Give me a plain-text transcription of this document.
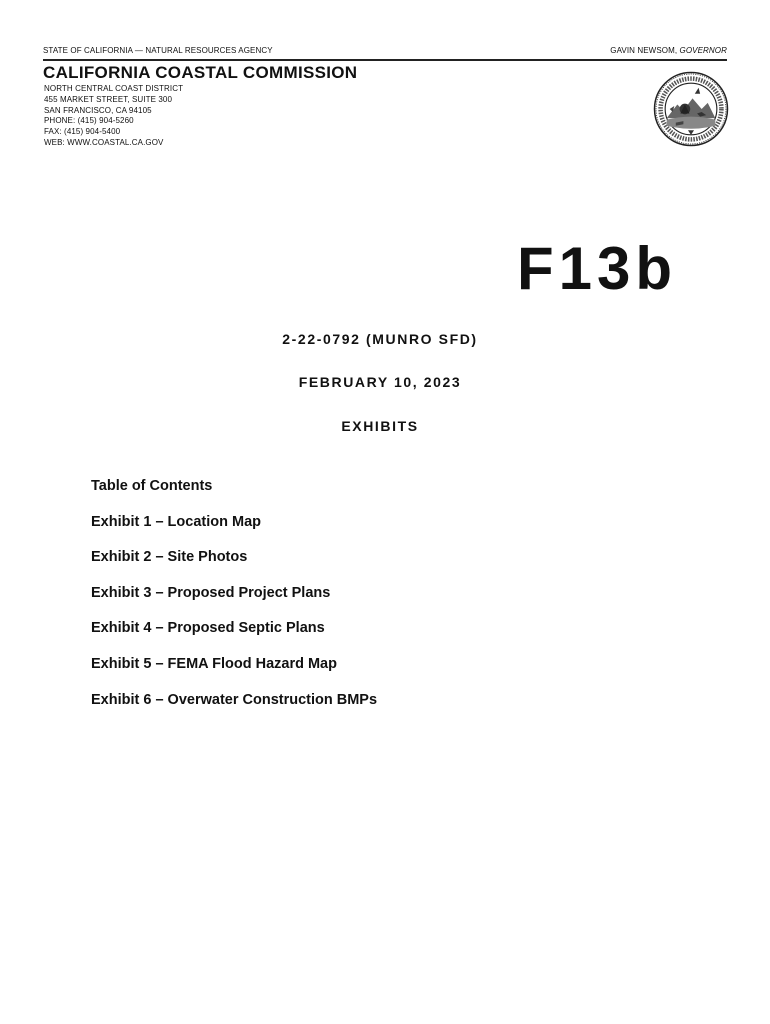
STATE OF CALIFORNIA — NATURAL RESOURCES AGENCY	GAVIN NEWSOM, GOVERNOR
CALIFORNIA COASTAL COMMISSION
NORTH CENTRAL COAST DISTRICT
455 MARKET STREET, SUITE 300
SAN FRANCISCO, CA 94105
PHONE: (415) 904-5260
FAX: (415) 904-5400
WEB: WWW.COASTAL.CA.GOV
F13b
2-22-0792 (MUNRO SFD)
FEBRUARY 10, 2023
EXHIBITS
Table of Contents
Exhibit 1 – Location Map
Exhibit 2 – Site Photos
Exhibit 3 – Proposed Project Plans
Exhibit 4 – Proposed Septic Plans
Exhibit 5 – FEMA Flood Hazard Map
Exhibit 6 – Overwater Construction BMPs
